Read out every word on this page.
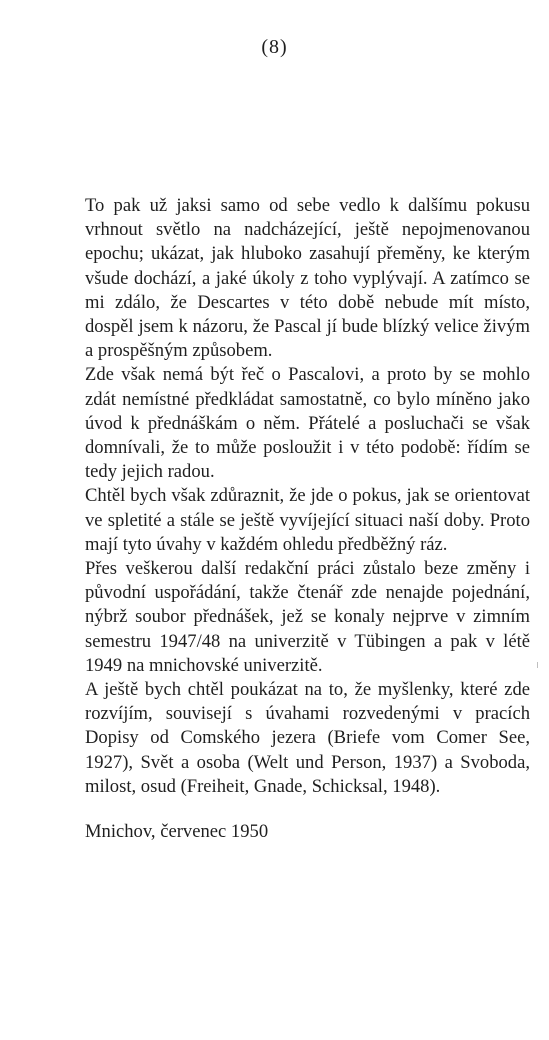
(8)

To pak už jaksi samo od sebe vedlo k dalšímu pokusu vrhnout světlo na nadcházející, ještě nepojmenovanou epochu; ukázat, jak hluboko zasahují přeměny, ke kterým všude dochází, a jaké úkoly z toho vyplývají. A zatímco se mi zdálo, že Descartes v této době nebude mít místo, dospěl jsem k názoru, že Pascal jí bude blízký velice živým a prospěšným způsobem.

Zde však nemá být řeč o Pascalovi, a proto by se mohlo zdát nemístné předkládat samostatně, co bylo míněno jako úvod k přednáškám o něm. Přátelé a posluchači se však domnívali, že to může posloužit i v této podobě: řídím se tedy jejich radou.

Chtěl bych však zdůraznit, že jde o pokus, jak se orientovat ve spletité a stále se ještě vyvíjející situaci naší doby. Proto mají tyto úvahy v každém ohledu předběžný ráz.

Přes veškerou další redakční práci zůstalo beze změny i původní uspořádání, takže čtenář zde nenajde pojednání, nýbrž soubor přednášek, jež se konaly nejprve v zimním semestru 1947/48 na univerzitě v Tübingen a pak v létě 1949 na mnichovské univerzitě.

A ještě bych chtěl poukázat na to, že myšlenky, které zde rozvíjím, souvisejí s úvahami rozvedenými v pracích Dopisy od Comského jezera (Briefe vom Comer See, 1927), Svět a osoba (Welt und Person, 1937) a Svoboda, milost, osud (Freiheit, Gnade, Schicksal, 1948).

Mnichov, červenec 1950
